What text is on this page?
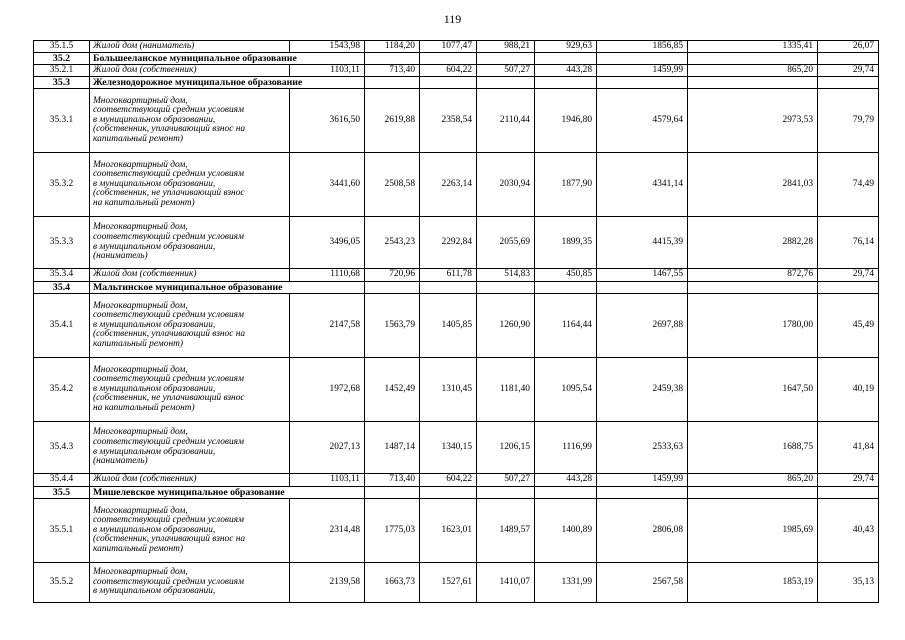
119
35.1.5	Жилой дом (наниматель)	1543,98	1184,20	1077,47	988,21	929,63	1856,85	1335,41	26,07
35.2	Большееланское муниципальное образование								
35.2.1	Жилой дом (собственник)	1103,11	713,40	604,22	507,27	443,28	1459,99	865,20	29,74
35.3	Железнодорожное муниципальное образование								
35.3.1	Многоквартирный дом,
соответствующий средним условиям
в муниципальном образовании,
(собственник, уплачивающий взнос на
капитальный ремонт)	3616,50	2619,88	2358,54	2110,44	1946,80	4579,64	2973,53	79,79
35.3.2	Многоквартирный дом,
соответствующий средним условиям
в муниципальном образовании,
(собственник, не уплачивающий взнос
на капитальный ремонт)	3441,60	2508,58	2263,14	2030,94	1877,90	4341,14	2841,03	74,49
35.3.3	Многоквартирный дом,
соответствующий средним условиям
в муниципальном образовании,
(наниматель)	3496,05	2543,23	2292,84	2055,69	1899,35	4415,39	2882,28	76,14
35.3.4	Жилой дом (собственник)	1110,68	720,96	611,78	514,83	450,85	1467,55	872,76	29,74
35.4	Мальтинское муниципальное образование								
35.4.1	Многоквартирный дом,
соответствующий средним условиям
в муниципальном образовании,
(собственник, уплачивающий взнос на
капитальный ремонт)	2147,58	1563,79	1405,85	1260,90	1164,44	2697,88	1780,00	45,49
35.4.2	Многоквартирный дом,
соответствующий средним условиям
в муниципальном образовании,
(собственник, не уплачивающий взнос
на капитальный ремонт)	1972,68	1452,49	1310,45	1181,40	1095,54	2459,38	1647,50	40,19
35.4.3	Многоквартирный дом,
соответствующий средним условиям
в муниципальном образовании,
(наниматель)	2027,13	1487,14	1340,15	1206,15	1116,99	2533,63	1688,75	41,84
35.4.4	Жилой дом (собственник)	1103,11	713,40	604,22	507,27	443,28	1459,99	865,20	29,74
35.5	Мишелевское муниципальное образование								
35.5.1	Многоквартирный дом,
соответствующий средним условиям
в муниципальном образовании,
(собственник, уплачивающий взнос на
капитальный ремонт)	2314,48	1775,03	1623,01	1489,57	1400,89	2806,08	1985,69	40,43
35.5.2	Многоквартирный дом,
соответствующий средним условиям
в муниципальном образовании,	2139,58	1663,73	1527,61	1410,07	1331,99	2567,58	1853,19	35,13
